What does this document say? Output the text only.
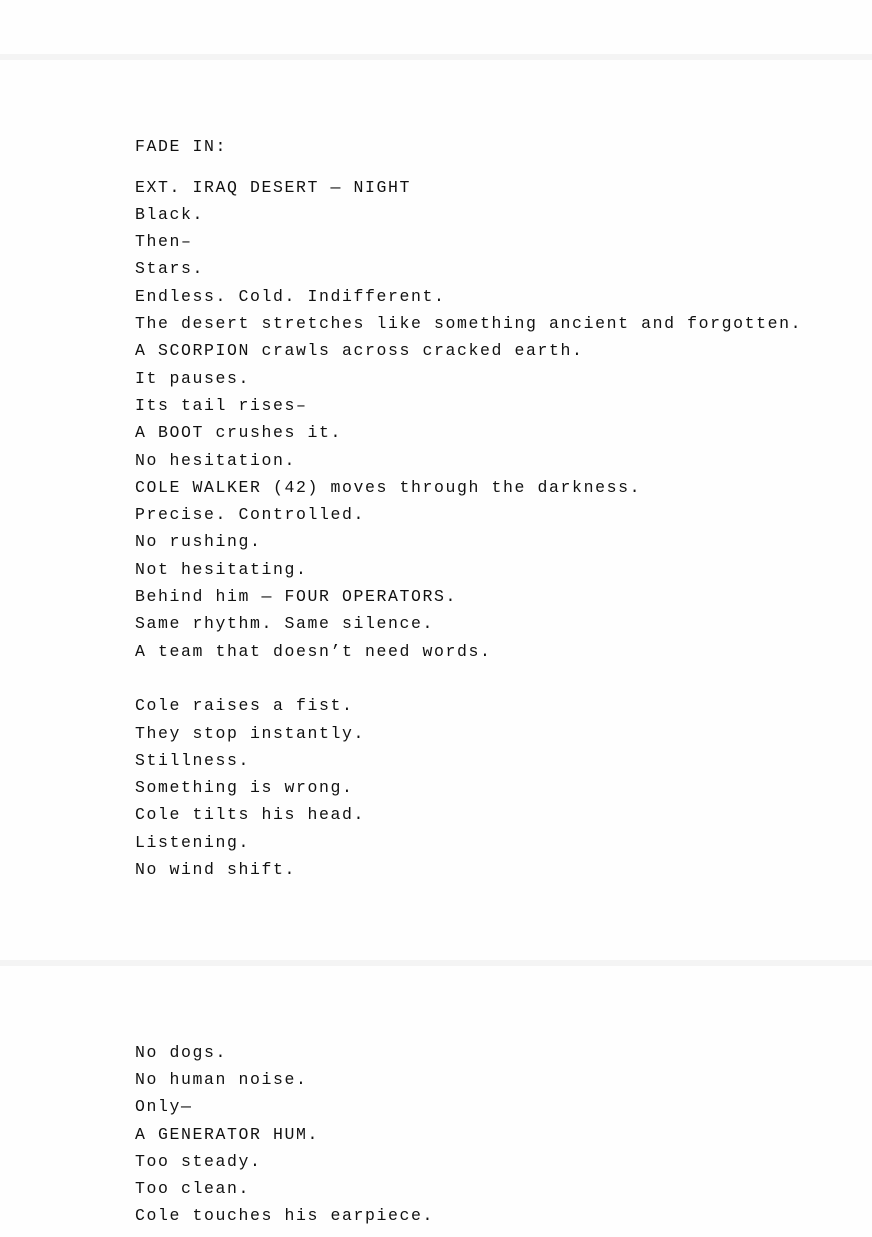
FADE IN:
EXT. IRAQ DESERT — NIGHT
Black.
Then–
Stars.
Endless. Cold. Indifferent.
The desert stretches like something ancient and forgotten.
A SCORPION crawls across cracked earth.
It pauses.
Its tail rises–
A BOOT crushes it.
No hesitation.
COLE WALKER (42) moves through the darkness.
Precise. Controlled.
No rushing.
Not hesitating.
Behind him — FOUR OPERATORS.
Same rhythm. Same silence.
A team that doesn’t need words.
Cole raises a fist.
They stop instantly.
Stillness.
Something is wrong.
Cole tilts his head.
Listening.
No wind shift.
No dogs.
No human noise.
Only—
A GENERATOR HUM.
Too steady.
Too clean.
Cole touches his earpiece.
